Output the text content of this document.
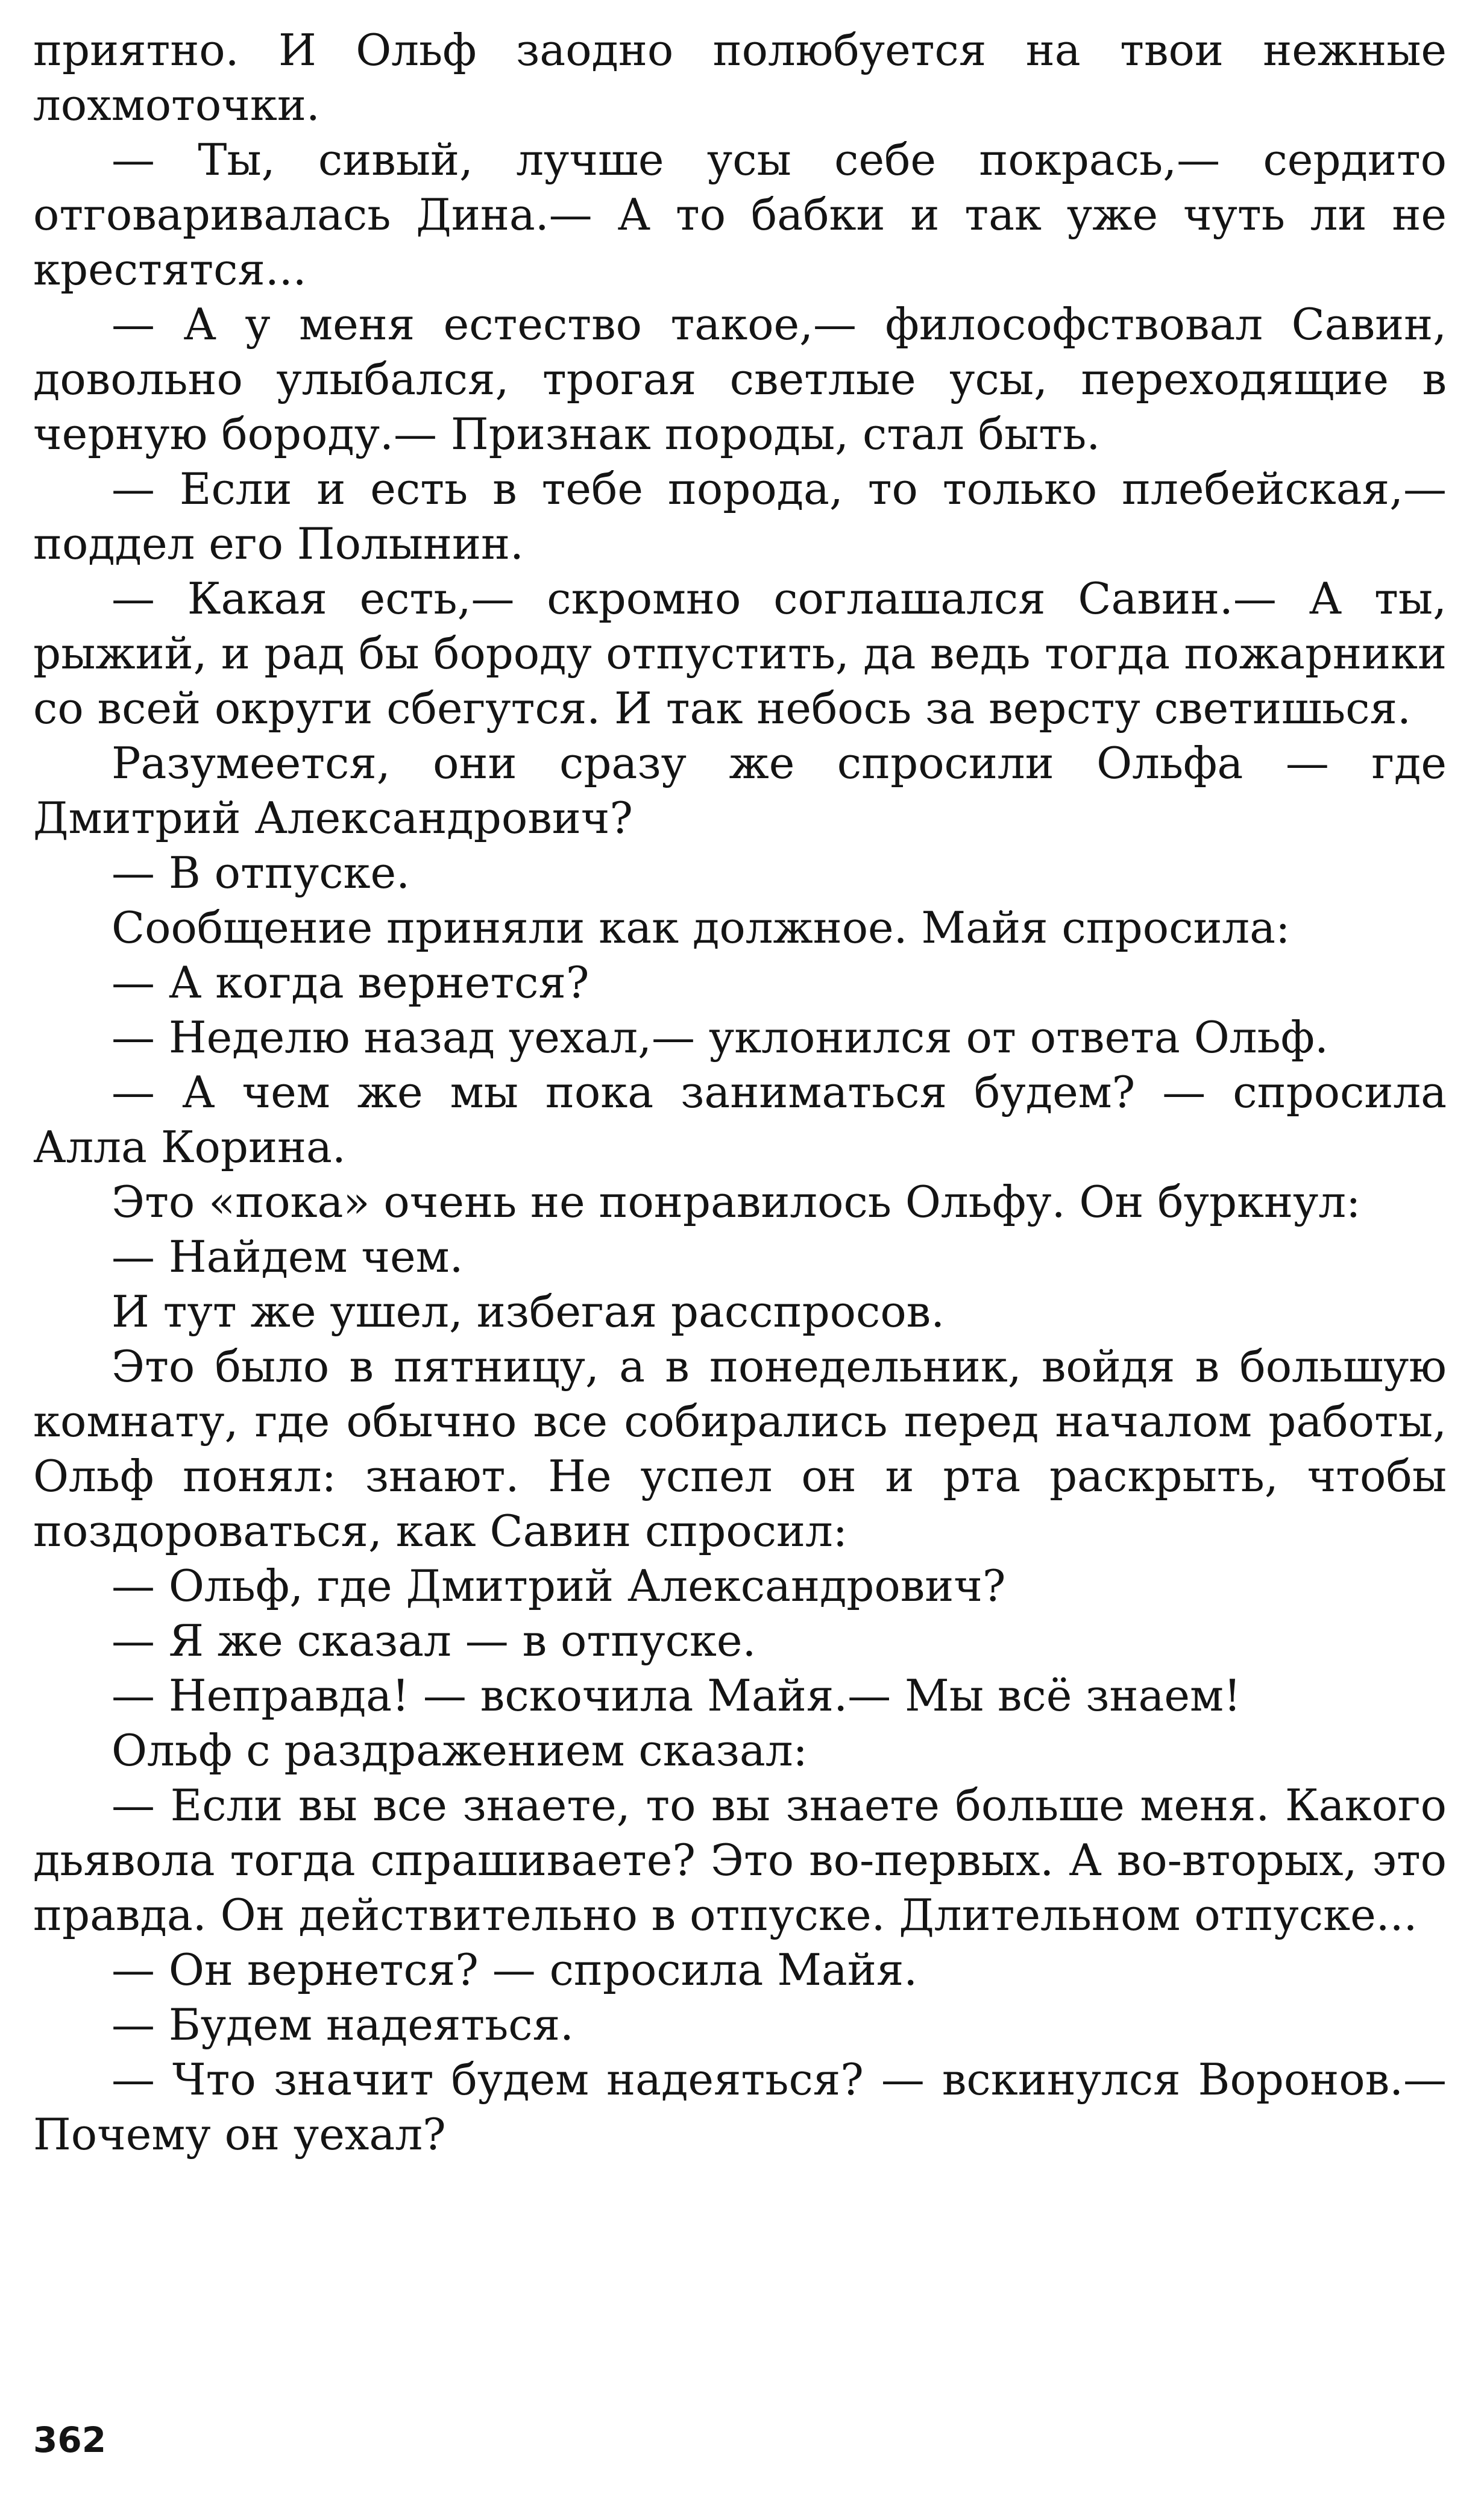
приятно. И Ольф заодно полюбуется на твои нежные лохмоточки.

— Ты, сивый, лучше усы себе покрась,— сердито отговаривалась Дина.— А то бабки и так уже чуть ли не крестятся...

— А у меня естество такое,— философствовал Савин, довольно улыбался, трогая светлые усы, переходящие в черную бороду.— Признак породы, стал быть.

— Если и есть в тебе порода, то только плебейская,— поддел его Полынин.

— Какая есть,— скромно соглашался Савин.— А ты, рыжий, и рад бы бороду отпустить, да ведь тогда пожарники со всей округи сбегутся. И так небось за версту светишься.

Разумеется, они сразу же спросили Ольфа — где Дмитрий Александрович?

— В отпуске.

Сообщение приняли как должное. Майя спросила:

— А когда вернется?

— Неделю назад уехал,— уклонился от ответа Ольф.

— А чем же мы пока заниматься будем? — спросила Алла Корина.

Это «пока» очень не понравилось Ольфу. Он буркнул:

— Найдем чем.

И тут же ушел, избегая расспросов.

Это было в пятницу, а в понедельник, войдя в большую комнату, где обычно все собирались перед началом работы, Ольф понял: знают. Не успел он и рта раскрыть, чтобы поздороваться, как Савин спросил:

— Ольф, где Дмитрий Александрович?

— Я же сказал — в отпуске.

— Неправда! — вскочила Майя.— Мы всё знаем!

Ольф с раздражением сказал:

— Если вы все знаете, то вы знаете больше меня. Какого дьявола тогда спрашиваете? Это во-первых. А во-вторых, это правда. Он действительно в отпуске. Длительном отпуске...

— Он вернется? — спросила Майя.

— Будем надеяться.

— Что значит будем надеяться? — вскинулся Воронов.— Почему он уехал?

362
